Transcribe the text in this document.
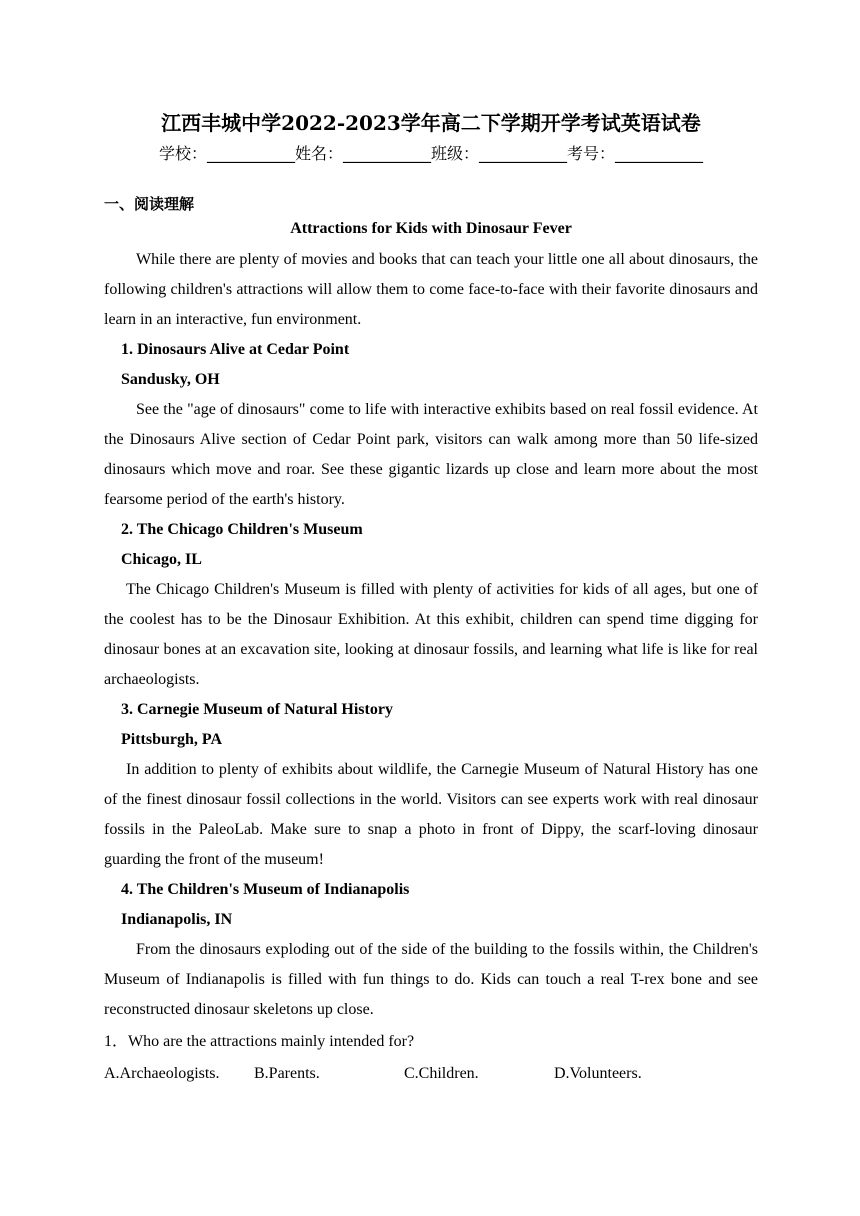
江西丰城中学2022-2023学年高二下学期开学考试英语试卷
学校：___________姓名：___________班级：___________考号：___________
一、阅读理解
Attractions for Kids with Dinosaur Fever

While there are plenty of movies and books that can teach your little one all about dinosaurs, the following children's attractions will allow them to come face-to-face with their favorite dinosaurs and learn in an interactive, fun environment.

1. Dinosaurs Alive at Cedar Point

Sandusky, OH

See the "age of dinosaurs" come to life with interactive exhibits based on real fossil evidence. At the Dinosaurs Alive section of Cedar Point park, visitors can walk among more than 50 life-sized dinosaurs which move and roar. See these gigantic lizards up close and learn more about the most fearsome period of the earth's history.

2. The Chicago Children's Museum

Chicago, IL

The Chicago Children's Museum is filled with plenty of activities for kids of all ages, but one of the coolest has to be the Dinosaur Exhibition. At this exhibit, children can spend time digging for dinosaur bones at an excavation site, looking at dinosaur fossils, and learning what life is like for real archaeologists.

3. Carnegie Museum of Natural History

Pittsburgh, PA

In addition to plenty of exhibits about wildlife, the Carnegie Museum of Natural History has one of the finest dinosaur fossil collections in the world. Visitors can see experts work with real dinosaur fossils in the PaleoLab. Make sure to snap a photo in front of Dippy, the scarf-loving dinosaur guarding the front of the museum!

4. The Children's Museum of Indianapolis

Indianapolis, IN

From the dinosaurs exploding out of the side of the building to the fossils within, the Children's Museum of Indianapolis is filled with fun things to do. Kids can touch a real T-rex bone and see reconstructed dinosaur skeletons up close.

1．Who are the attractions mainly intended for?
A.Archaeologists.	B.Parents.	C.Children.	D.Volunteers.
